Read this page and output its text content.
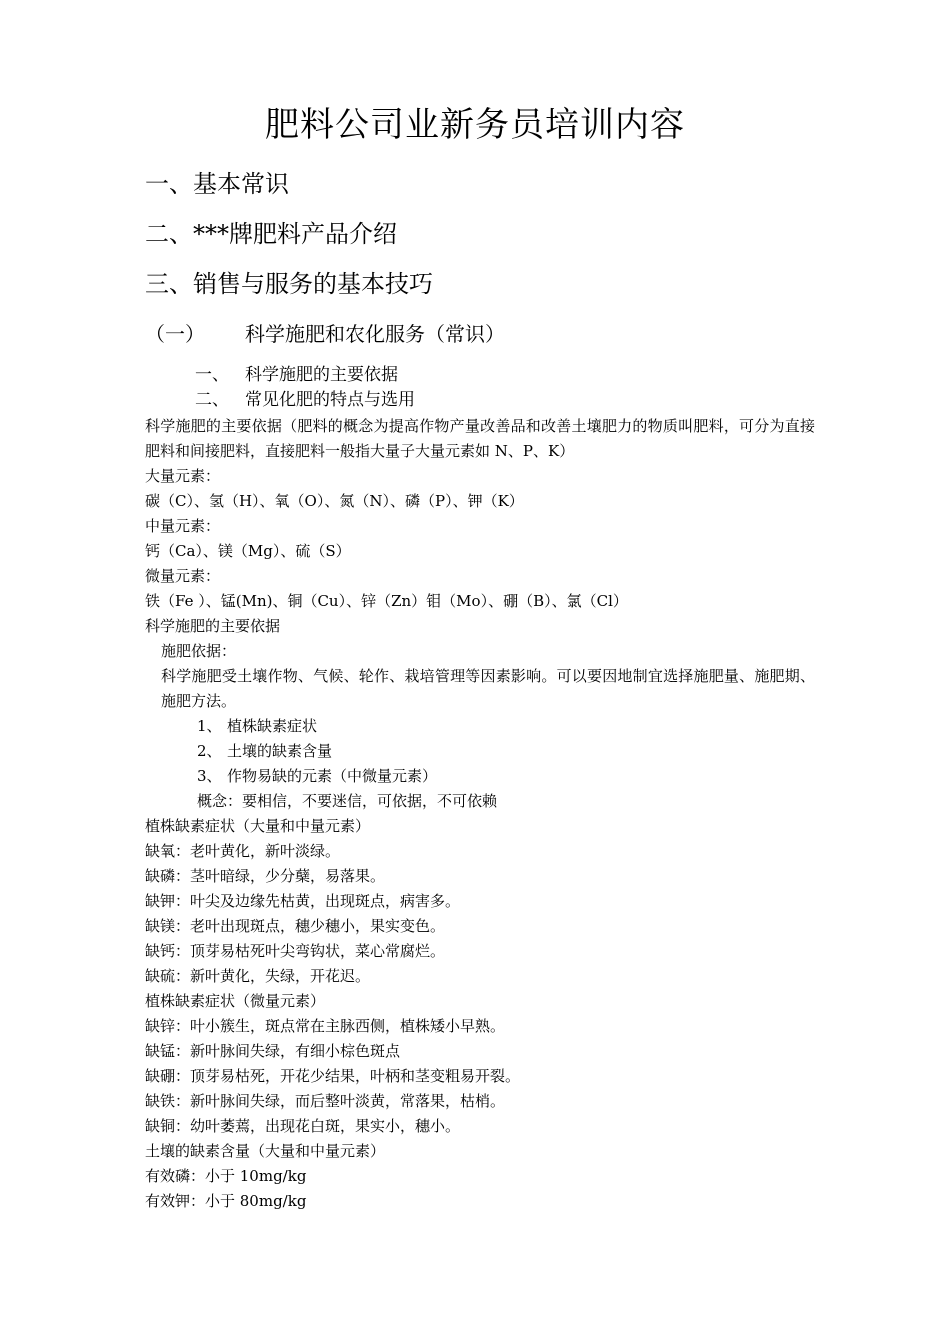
肥料公司业新务员培训内容
一、基本常识
二、***牌肥料产品介绍
三、销售与服务的基本技巧
（一） 科学施肥和农化服务（常识）
一、 科学施肥的主要依据
二、 常见化肥的特点与选用

科学施肥的主要依据（肥料的概念为提高作物产量改善品和改善土壤肥力的物质叫肥料，可分为直接肥料和间接肥料，直接肥料一般指大量子大量元素如 N、P、K）

大量元素：

碳（C）、氢（H）、氧（O）、氮（N）、磷（P）、钾（K）

中量元素：

钙（Ca）、镁（Mg）、硫（S）

微量元素：

铁（Fe ）、锰(Mn)、铜（Cu）、锌（Zn）钼（Mo）、硼（B）、氯（Cl）

科学施肥的主要依据

施肥依据：

科学施肥受土壤作物、气候、轮作、栽培管理等因素影响。可以要因地制宜选择施肥量、施肥期、施肥方法。

1、 植株缺素症状

2、 土壤的缺素含量

3、 作物易缺的元素（中微量元素）

概念：要相信，不要迷信，可依据，不可依赖

植株缺素症状（大量和中量元素）

缺氧：老叶黄化，新叶淡绿。

缺磷：茎叶暗绿，少分蘖，易落果。

缺钾：叶尖及边缘先枯黄，出现斑点，病害多。

缺镁：老叶出现斑点，穗少穗小，果实变色。

缺钙：顶芽易枯死叶尖弯钩状，菜心常腐烂。

缺硫：新叶黄化，失绿，开花迟。

植株缺素症状（微量元素）

缺锌：叶小簇生，斑点常在主脉西侧，植株矮小早熟。

缺锰：新叶脉间失绿，有细小棕色斑点

缺硼：顶芽易枯死，开花少结果，叶柄和茎变粗易开裂。

缺铁：新叶脉间失绿，而后整叶淡黄，常落果，枯梢。

缺铜：幼叶萎蔫，出现花白斑，果实小，穗小。

土壤的缺素含量（大量和中量元素）

有效磷：小于 10mg/kg

有效钾：小于 80mg/kg
